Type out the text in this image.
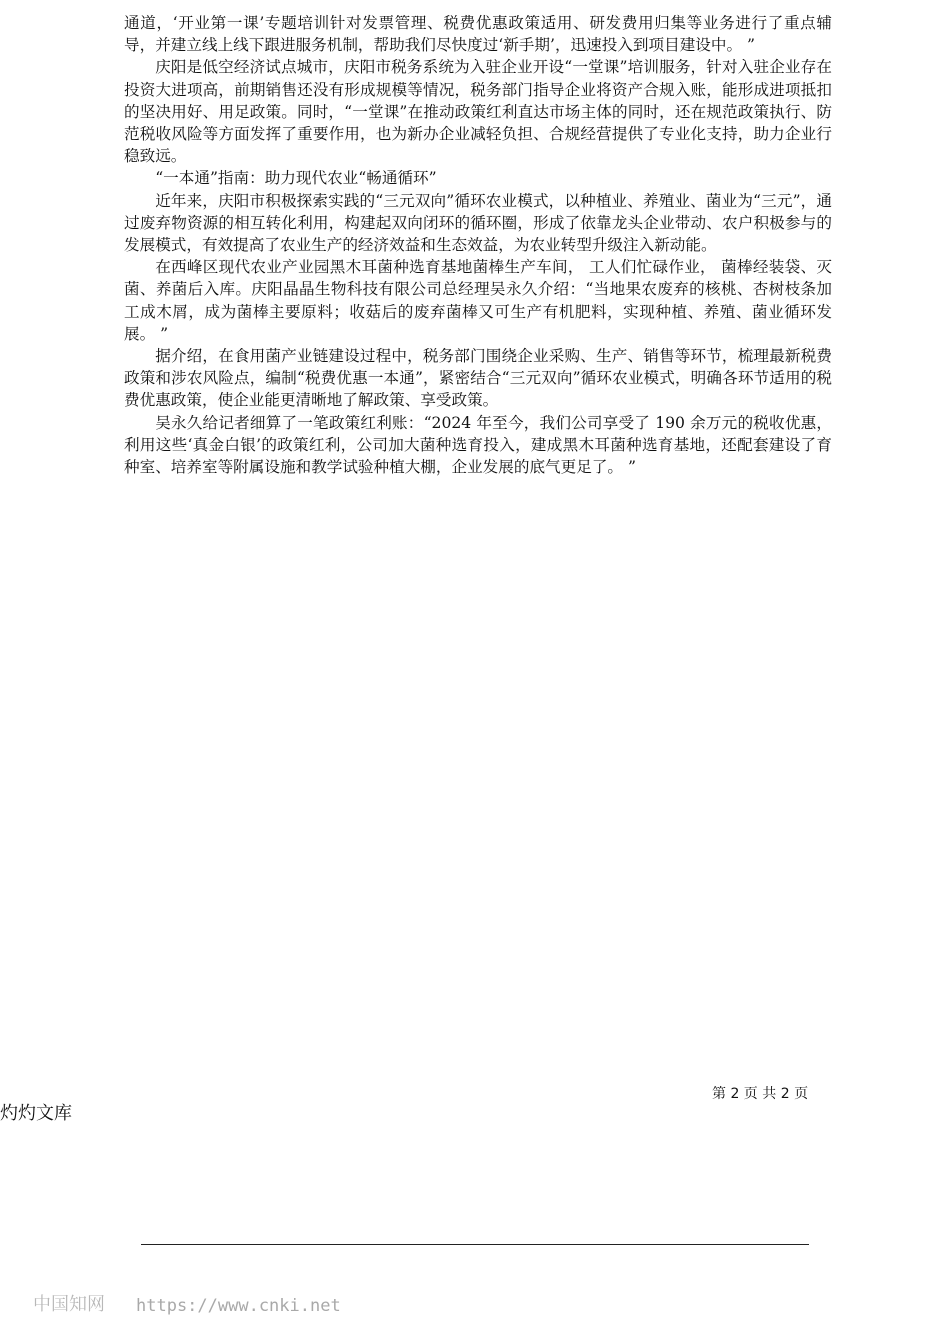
通道，‘开业第一课’专题培训针对发票管理、税费优惠政策适用、研发费用归集等业务进行了重点辅导，并建立线上线下跟进服务机制，帮助我们尽快度过‘新手期’，迅速投入到项目建设中。 ”

庆阳是低空经济试点城市，庆阳市税务系统为入驻企业开设“一堂课”培训服务，针对入驻企业存在投资大进项高，前期销售还没有形成规模等情况，税务部门指导企业将资产合规入账，能形成进项抵扣的坚决用好、用足政策。同时，“一堂课”在推动政策红利直达市场主体的同时，还在规范政策执行、防范税收风险等方面发挥了重要作用，也为新办企业减轻负担、合规经营提供了专业化支持，助力企业行稳致远。

“一本通”指南：助力现代农业“畅通循环”

近年来，庆阳市积极探索实践的“三元双向”循环农业模式，以种植业、养殖业、菌业为“三元”，通过废弃物资源的相互转化利用，构建起双向闭环的循环圈，形成了依靠龙头企业带动、农户积极参与的发展模式，有效提高了农业生产的经济效益和生态效益，为农业转型升级注入新动能。

在西峰区现代农业产业园黑木耳菌种选育基地菌棒生产车间， 工人们忙碌作业， 菌棒经装袋、灭菌、养菌后入库。庆阳晶晶生物科技有限公司总经理吴永久介绍：“当地果农废弃的核桃、杏树枝条加工成木屑，成为菌棒主要原料；收菇后的废弃菌棒又可生产有机肥料，实现种植、养殖、菌业循环发展。 ”

据介绍，在食用菌产业链建设过程中，税务部门围绕企业采购、生产、销售等环节，梳理最新税费政策和涉农风险点，编制“税费优惠一本通”，紧密结合“三元双向”循环农业模式，明确各环节适用的税费优惠政策，使企业能更清晰地了解政策、享受政策。

吴永久给记者细算了一笔政策红利账：“2024 年至今，我们公司享受了 190 余万元的税收优惠，利用这些‘真金白银’的政策红利，公司加大菌种选育投入，建成黑木耳菌种选育基地，还配套建设了育种室、培养室等附属设施和教学试验种植大棚，企业发展的底气更足了。 ”

第 2 页 共 2 页
灼灼文库
中国知网 https://www.cnki.net
